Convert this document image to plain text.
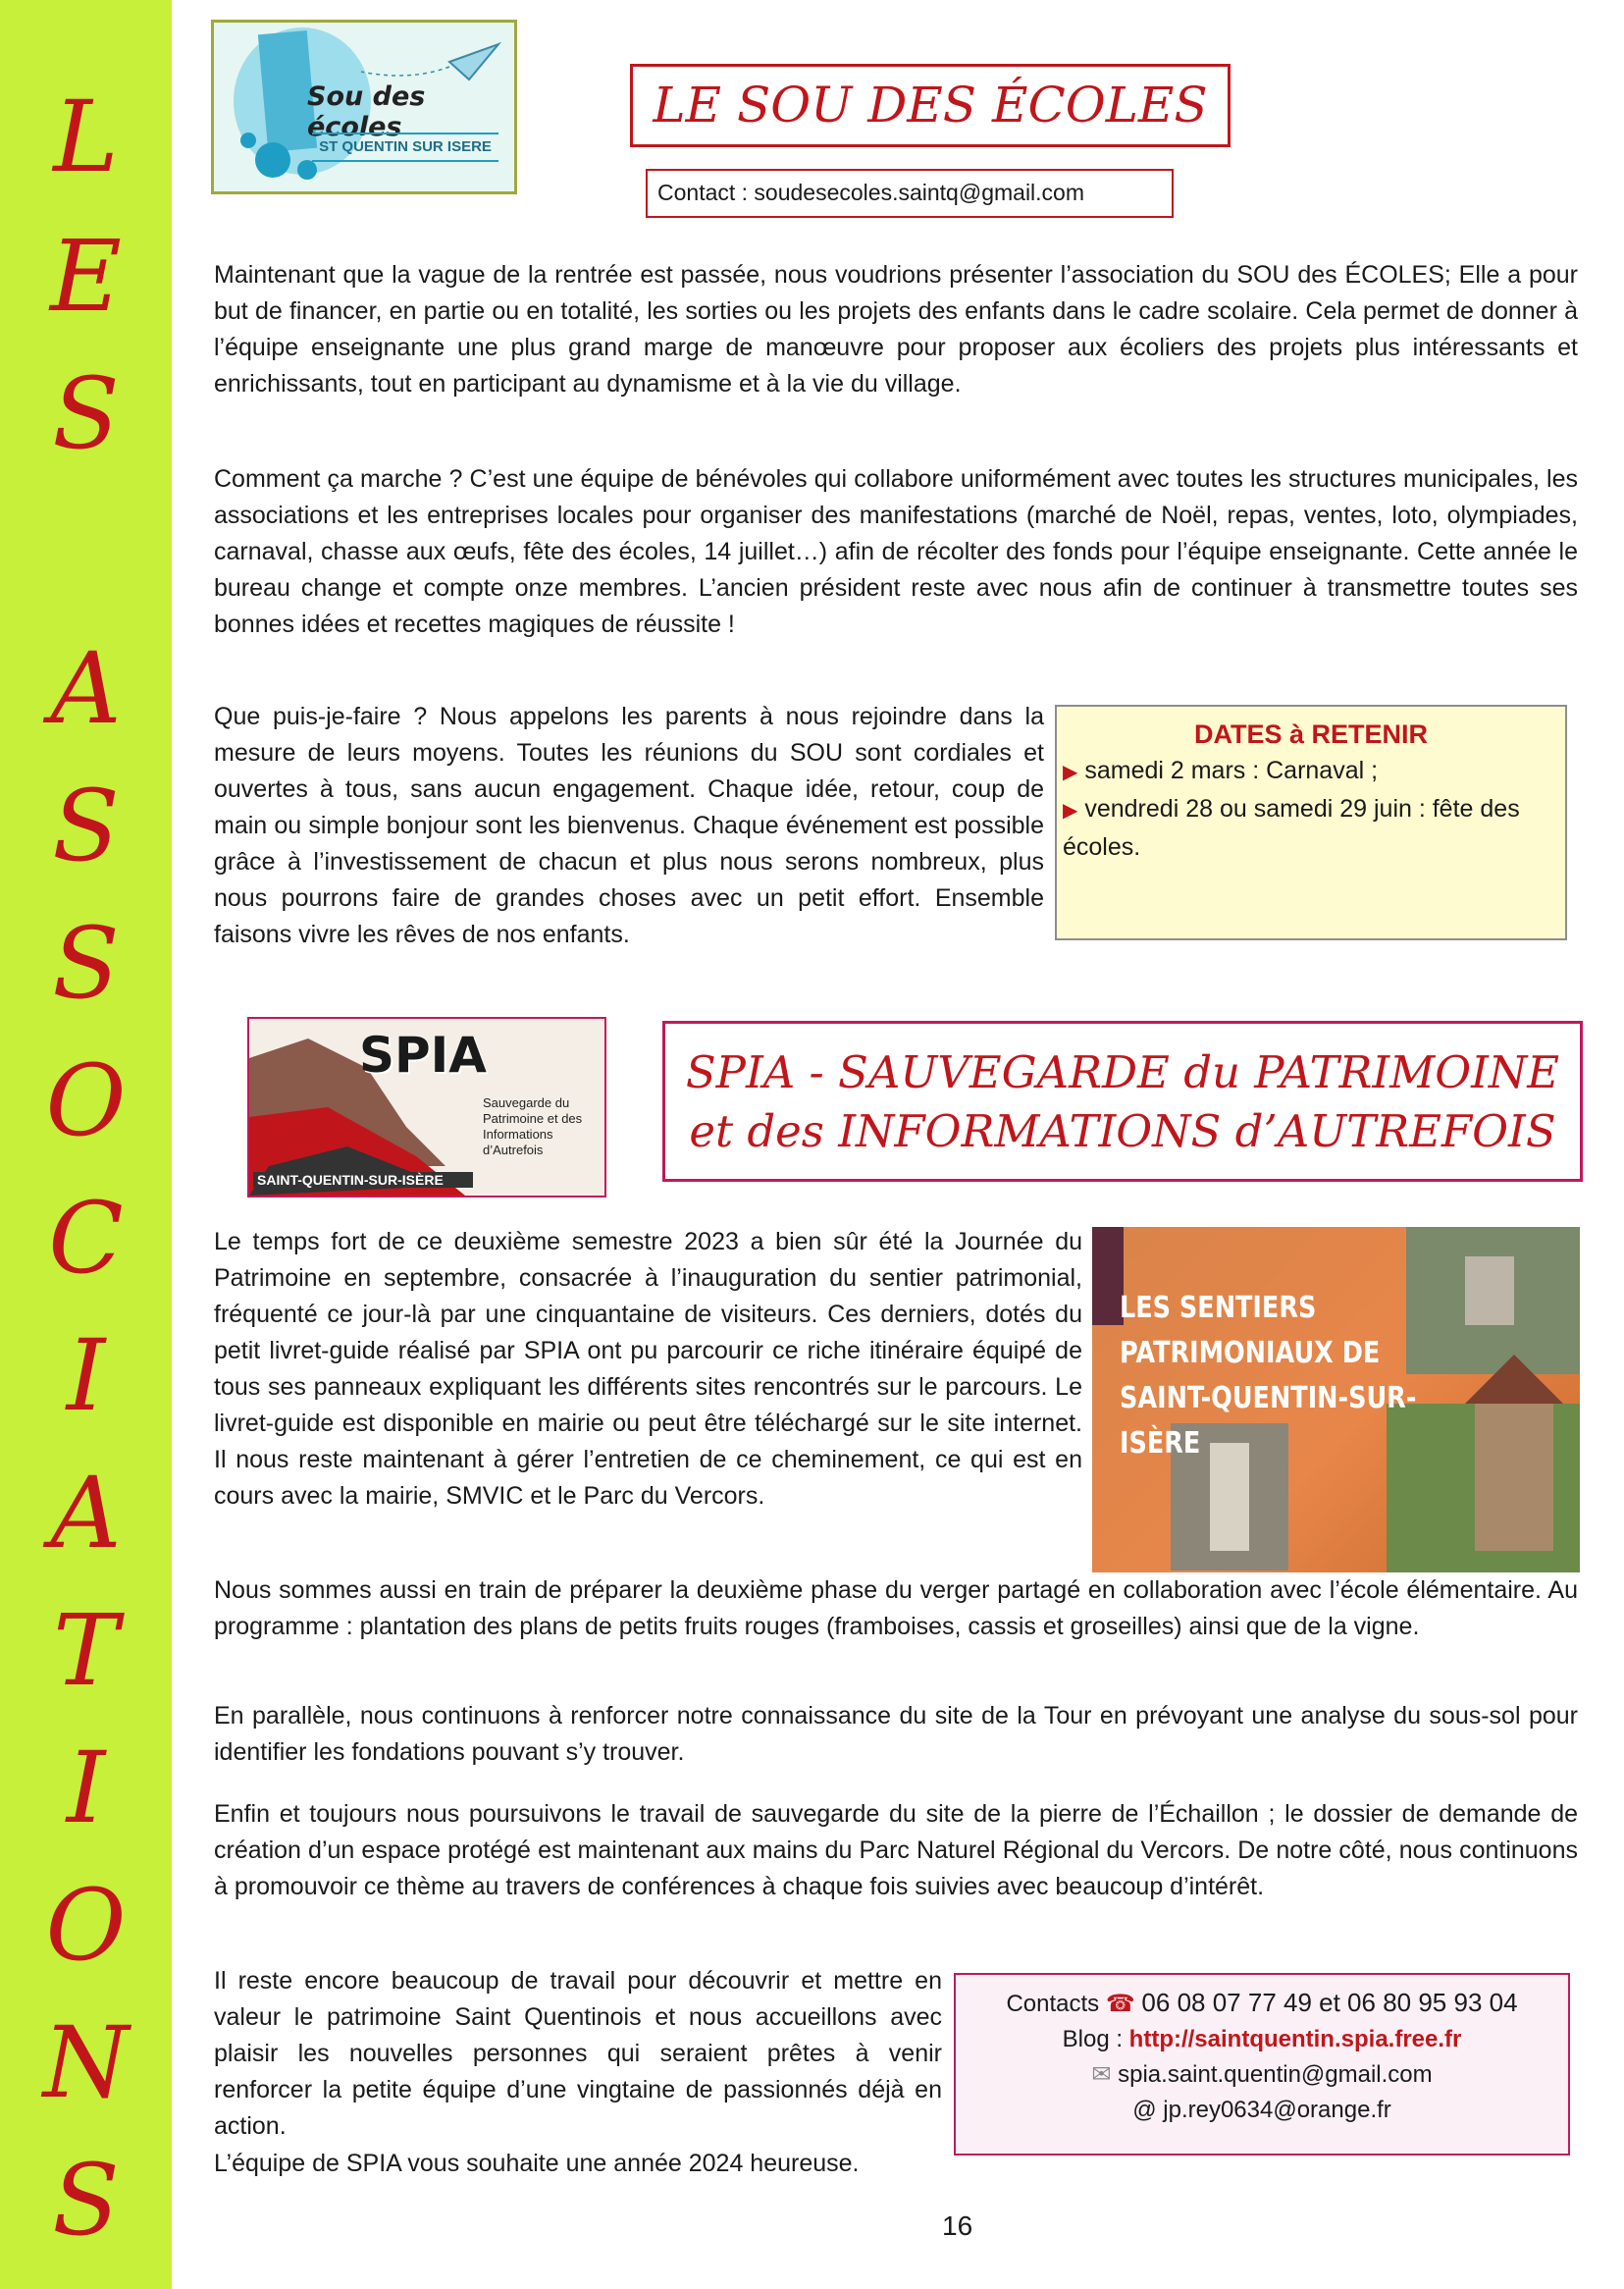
L
E
S
A
S
S
O
C
I
A
T
I
O
N
S
Sou des écoles
ST QUENTIN SUR ISERE
LE SOU DES ÉCOLES
Contact : soudesecoles.saintq@gmail.com

Maintenant que la vague de la rentrée est passée, nous voudrions présenter l’association du SOU des ÉCOLES; Elle a pour but de financer, en partie ou en totalité, les sorties ou les projets des enfants dans le cadre scolaire. Cela permet de donner à l’équipe enseignante une plus grand marge de manœuvre pour proposer aux écoliers des projets plus intéressants et enrichissants, tout en participant au dynamisme et à la vie du village.

Comment ça marche ? C’est une équipe de bénévoles qui collabore uniformément avec toutes les structures municipales, les associations et les entreprises locales pour organiser des manifestations (marché de Noël, repas, ventes, loto, olympiades, carnaval, chasse aux œufs, fête des écoles, 14 juillet…) afin de récolter des fonds pour l’équipe enseignante. Cette année le bureau change et compte onze membres. L’ancien président reste avec nous afin de continuer à transmettre toutes ses bonnes idées et recettes magiques de réussite !

Que puis-je-faire ? Nous appelons les parents à nous rejoindre dans la mesure de leurs moyens. Toutes les réunions du SOU sont cordiales et ouvertes à tous, sans aucun engagement. Chaque idée, retour, coup de main ou simple bonjour sont les bienvenus. Chaque événement est possible grâce à l’investissement de chacun et plus nous serons nombreux, plus nous pourrons faire de grandes choses avec un petit effort. Ensemble faisons vivre les rêves de nos enfants.

DATES à RETENIR
▶ samedi 2 mars : Carnaval ;
▶ vendredi 28 ou samedi 29 juin : fête des écoles.
SPIA
Sauvegarde du Patrimoine et des Informations d’Autrefois
SAINT-QUENTIN-SUR-ISÈRE
SPIA - SAUVEGARDE du PATRIMOINE
et des INFORMATIONS d’AUTREFOIS
LES SENTIERS PATRIMONIAUX DE SAINT-QUENTIN-SUR-ISÈRE

Le temps fort de ce deuxième semestre 2023 a bien sûr été la Journée du Patrimoine en septembre, consacrée à l’inauguration du sentier patrimonial, fréquenté ce jour-là par une cinquantaine de visiteurs. Ces derniers, dotés du petit livret-guide réalisé par SPIA ont pu parcourir ce riche itinéraire équipé de tous ses panneaux expliquant les différents sites rencontrés sur le parcours. Le livret-guide est disponible en mairie ou peut être téléchargé sur le site internet. Il nous reste maintenant à gérer l’entretien de ce cheminement, ce qui est en cours avec la mairie, SMVIC et le Parc du Vercors.

Nous sommes aussi en train de préparer la deuxième phase du verger partagé en collaboration avec l’école élémentaire. Au programme : plantation des plans de petits fruits rouges (framboises, cassis et groseilles) ainsi que de la vigne.

En parallèle, nous continuons à renforcer notre connaissance du site de la Tour en prévoyant une analyse du sous-sol pour identifier les fondations pouvant s’y trouver.

Enfin et toujours nous poursuivons le travail de sauvegarde du site de la pierre de l’Échaillon ; le dossier de demande de création d’un espace protégé est maintenant aux mains du Parc Naturel Régional du Vercors. De notre côté, nous continuons à promouvoir ce thème au travers de conférences à chaque fois suivies avec beaucoup d’intérêt.

Il reste encore beaucoup de travail pour découvrir et mettre en valeur le patrimoine Saint Quentinois et nous accueillons avec plaisir les nouvelles personnes qui seraient prêtes à venir renforcer la petite équipe d’une vingtaine de passionnés déjà en action.

L’équipe de SPIA vous souhaite une année 2024 heureuse.

Contacts ☎ 06 08 07 77 49 et 06 80 95 93 04
Blog : http://saintquentin.spia.free.fr
✉ spia.saint.quentin@gmail.com
@ jp.rey0634@orange.fr
16
